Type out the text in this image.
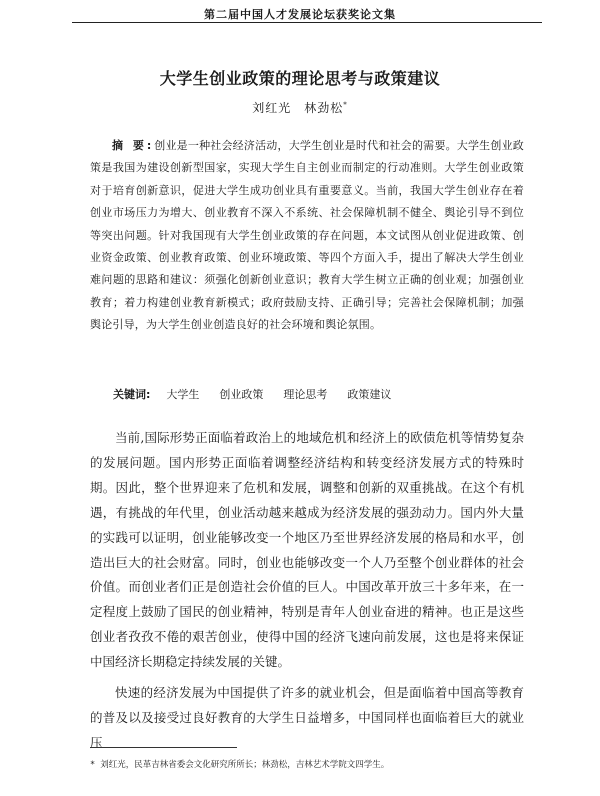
第二届中国人才发展论坛获奖论文集
大学生创业政策的理论思考与政策建议
刘红光  林劲松*

摘 要:创业是一种社会经济活动，大学生创业是时代和社会的需要。大学生创业政策是我国为建设创新型国家，实现大学生自主创业而制定的行动准则。大学生创业政策对于培育创新意识，促进大学生成功创业具有重要意义。当前，我国大学生创业存在着创业市场压力为增大、创业教育不深入不系统、社会保障机制不健全、舆论引导不到位等突出问题。针对我国现有大学生创业政策的存在问题，本文试图从创业促进政策、创业资金政策、创业教育政策、创业环境政策、等四个方面入手，提出了解决大学生创业难问题的思路和建议：须强化创新创业意识；教育大学生树立正确的创业观；加强创业教育；着力构建创业教育新模式；政府鼓励支持、正确引导；完善社会保障机制；加强舆论引导，为大学生创业创造良好的社会环境和舆论氛围。

关键词: 大学生 创业政策 理论思考 政策建议

当前,国际形势正面临着政治上的地域危机和经济上的欧债危机等情势复杂的发展问题。国内形势正面临着调整经济结构和转变经济发展方式的特殊时期。因此，整个世界迎来了危机和发展，调整和创新的双重挑战。在这个有机遇，有挑战的年代里，创业活动越来越成为经济发展的强劲动力。国内外大量的实践可以证明，创业能够改变一个地区乃至世界经济发展的格局和水平，创造出巨大的社会财富。同时，创业也能够改变一个人乃至整个创业群体的社会价值。而创业者们正是创造社会价值的巨人。中国改革开放三十多年来，在一定程度上鼓励了国民的创业精神，特别是青年人创业奋进的精神。也正是这些创业者孜孜不倦的艰苦创业，使得中国的经济飞速向前发展，这也是将来保证中国经济长期稳定持续发展的关键。

快速的经济发展为中国提供了许多的就业机会，但是面临着中国高等教育的普及以及接受过良好教育的大学生日益增多，中国同样也面临着巨大的就业压

* 刘红光，民革吉林省委会文化研究所所长；林劲松，吉林艺术学院文四学生。
